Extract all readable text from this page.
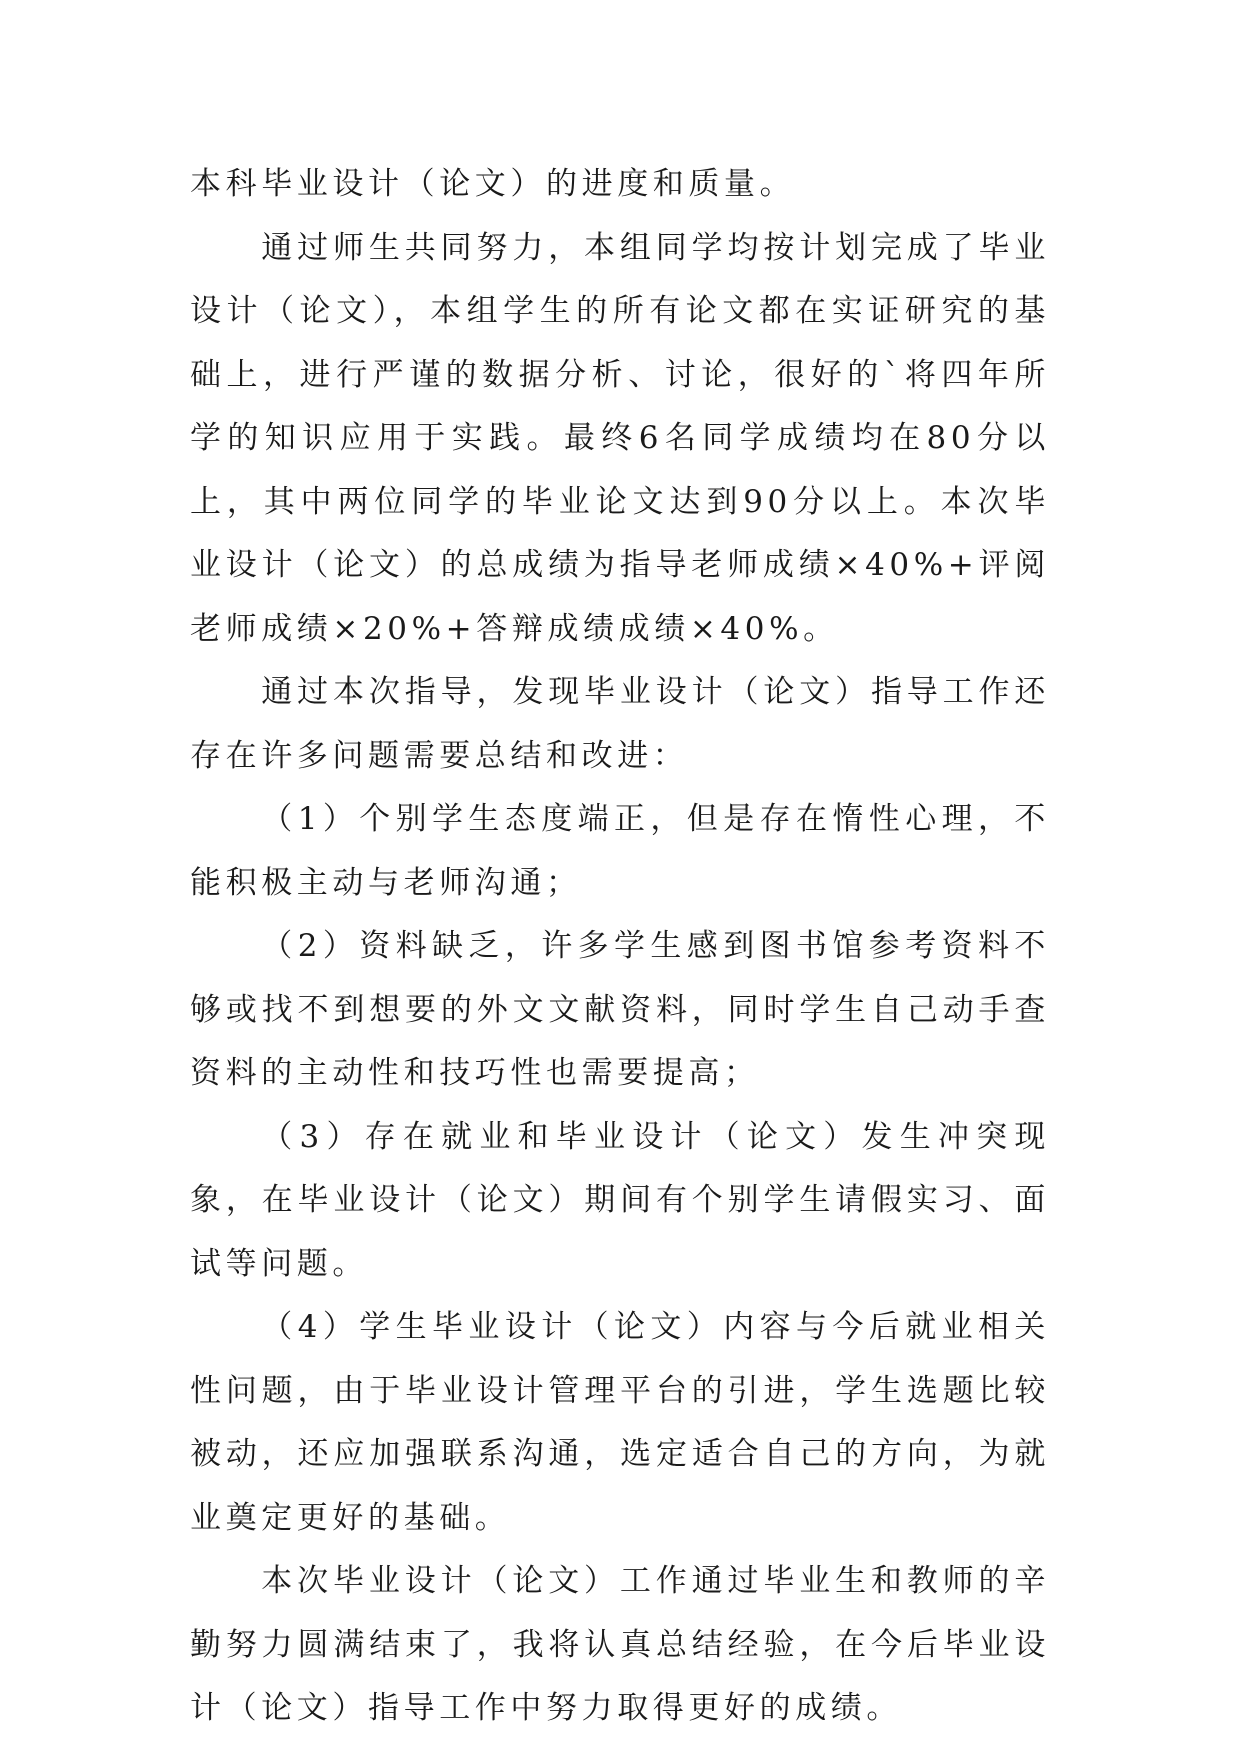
本科毕业设计（论文）的进度和质量。

通过师生共同努力，本组同学均按计划完成了毕业设计（论文），本组学生的所有论文都在实证研究的基础上，进行严谨的数据分析、讨论，很好的`将四年所学的知识应用于实践。最终6名同学成绩均在80分以上，其中两位同学的毕业论文达到90分以上。本次毕业设计（论文）的总成绩为指导老师成绩×40%+评阅老师成绩×20%+答辩成绩成绩×40%。

通过本次指导，发现毕业设计（论文）指导工作还存在许多问题需要总结和改进：

（1）个别学生态度端正，但是存在惰性心理，不能积极主动与老师沟通；

（2）资料缺乏，许多学生感到图书馆参考资料不够或找不到想要的外文文献资料，同时学生自己动手查资料的主动性和技巧性也需要提高；

（3）存在就业和毕业设计（论文）发生冲突现象，在毕业设计（论文）期间有个别学生请假实习、面试等问题。

（4）学生毕业设计（论文）内容与今后就业相关性问题，由于毕业设计管理平台的引进，学生选题比较被动，还应加强联系沟通，选定适合自己的方向，为就业奠定更好的基础。

本次毕业设计（论文）工作通过毕业生和教师的辛勤努力圆满结束了，我将认真总结经验，在今后毕业设计（论文）指导工作中努力取得更好的成绩。
